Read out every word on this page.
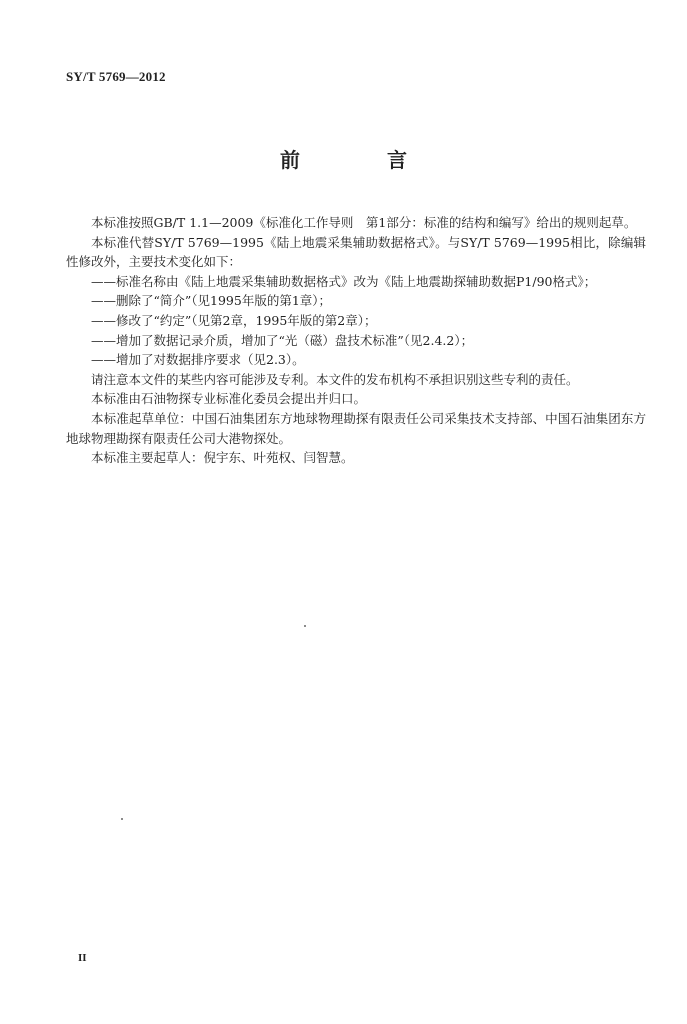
SY/T 5769—2012
前 言

本标准按照GB/T 1.1—2009《标准化工作导则　第1部分：标准的结构和编写》给出的规则起草。

本标准代替SY/T 5769—1995《陆上地震采集辅助数据格式》。与SY/T 5769—1995相比，除编辑性修改外，主要技术变化如下：

——标准名称由《陆上地震采集辅助数据格式》改为《陆上地震勘探辅助数据P1/90格式》；

——删除了“简介”（见1995年版的第1章）；

——修改了“约定”（见第2章，1995年版的第2章）；

——增加了数据记录介质，增加了“光（磁）盘技术标准”（见2.4.2）；

——增加了对数据排序要求（见2.3）。

请注意本文件的某些内容可能涉及专利。本文件的发布机构不承担识别这些专利的责任。

本标准由石油物探专业标准化委员会提出并归口。

本标准起草单位：中国石油集团东方地球物理勘探有限责任公司采集技术支持部、中国石油集团东方地球物理勘探有限责任公司大港物探处。

本标准主要起草人：倪宇东、叶苑权、闫智慧。

II
